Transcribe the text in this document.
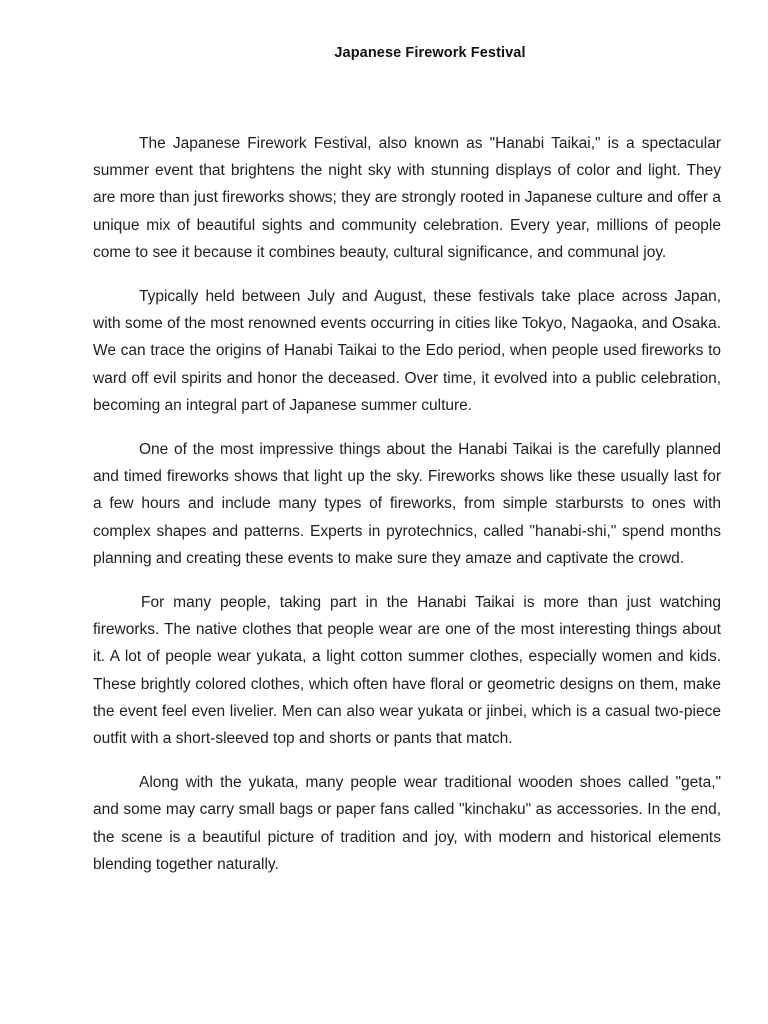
Japanese Firework Festival

The Japanese Firework Festival, also known as "Hanabi Taikai," is a spectacular summer event that brightens the night sky with stunning displays of color and light. They are more than just fireworks shows; they are strongly rooted in Japanese culture and offer a unique mix of beautiful sights and community celebration. Every year, millions of people come to see it because it combines beauty, cultural significance, and communal joy.

Typically held between July and August, these festivals take place across Japan, with some of the most renowned events occurring in cities like Tokyo, Nagaoka, and Osaka. We can trace the origins of Hanabi Taikai to the Edo period, when people used fireworks to ward off evil spirits and honor the deceased. Over time, it evolved into a public celebration, becoming an integral part of Japanese summer culture.

One of the most impressive things about the Hanabi Taikai is the carefully planned and timed fireworks shows that light up the sky. Fireworks shows like these usually last for a few hours and include many types of fireworks, from simple starbursts to ones with complex shapes and patterns. Experts in pyrotechnics, called "hanabi-shi," spend months planning and creating these events to make sure they amaze and captivate the crowd.

For many people, taking part in the Hanabi Taikai is more than just watching fireworks. The native clothes that people wear are one of the most interesting things about it. A lot of people wear yukata, a light cotton summer clothes, especially women and kids. These brightly colored clothes, which often have floral or geometric designs on them, make the event feel even livelier. Men can also wear yukata or jinbei, which is a casual two-piece outfit with a short-sleeved top and shorts or pants that match.

Along with the yukata, many people wear traditional wooden shoes called "geta," and some may carry small bags or paper fans called "kinchaku" as accessories. In the end, the scene is a beautiful picture of tradition and joy, with modern and historical elements blending together naturally.
